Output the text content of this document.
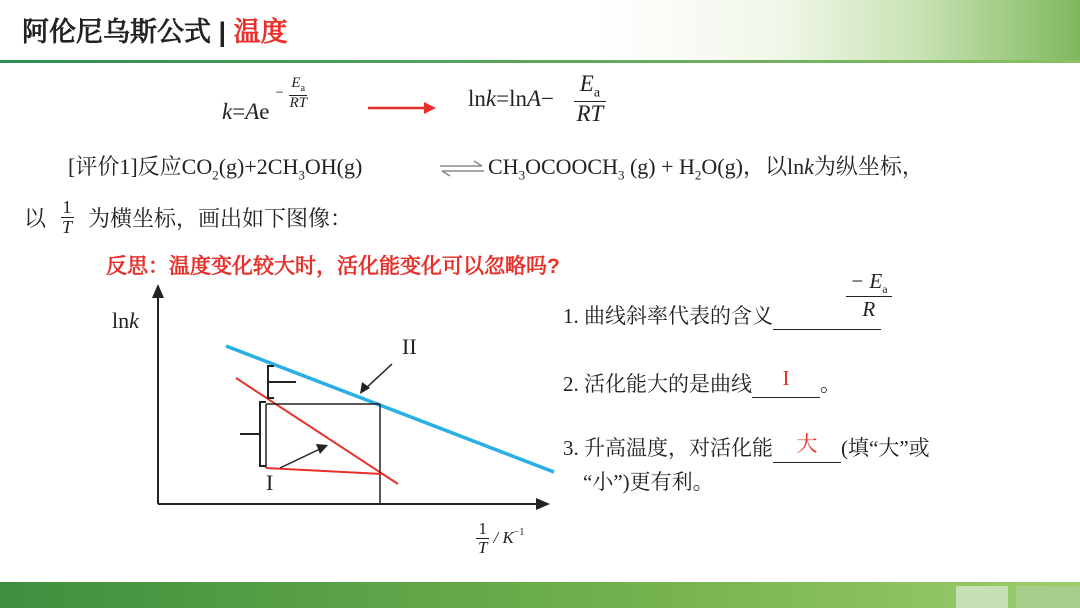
阿伦尼乌斯公式 | 温度
$k=Ae - \frac{E_a}{RT}$	$\ln k=\ln A- \frac{E_a}{RT}$
[评价1]反应$CO_2(g)+2CH_3OH(g)$	⇌ $CH_3OCOOCH_3$ $(g) + H_2O(g)$，以lnk为纵坐标，
以 $\frac{1}{T}$ 为横坐标，画出如下图像：
反思：温度变化较大时，活化能变化可以忽略吗?
lnk
II
I
$\frac{1}{T} / K^{-1}$
1. 曲线斜率代表的含义
− $E_a$
R
2. 活化能大的是曲线 I 。
3. 升高温度，对活化能 大 (填“大”或
“小”)更有利。
